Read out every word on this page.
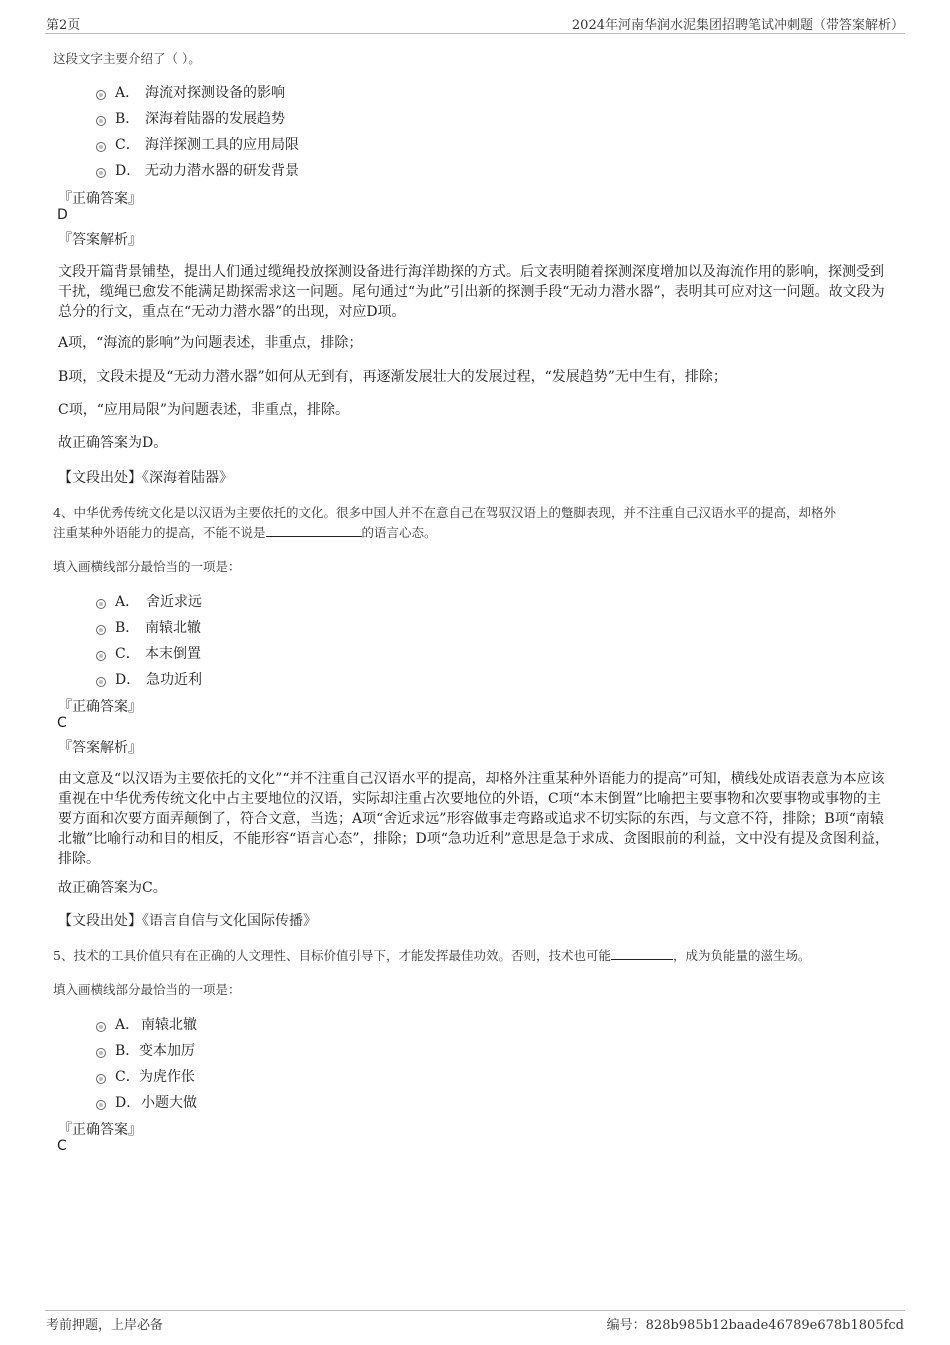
第2页	2024年河南华润水泥集团招聘笔试冲刺题（带答案解析）
这段文字主要介绍了（ ）。
A． 海流对探测设备的影响
B． 深海着陆器的发展趋势
C． 海洋探测工具的应用局限
D． 无动力潜水器的研发背景
『正确答案』
D
『答案解析』
文段开篇背景铺垫，提出人们通过缆绳投放探测设备进行海洋勘探的方式。后文表明随着探测深度增加以及海流作用的影响，探测受到干扰，缆绳已愈发不能满足勘探需求这一问题。尾句通过“为此”引出新的探测手段“无动力潜水器”，表明其可应对这一问题。故文段为总分的行文，重点在“无动力潜水器”的出现，对应D项。
A项，“海流的影响”为问题表述，非重点，排除；
B项，文段未提及“无动力潜水器”如何从无到有，再逐渐发展壮大的发展过程，“发展趋势”无中生有，排除；
C项，“应用局限”为问题表述，非重点，排除。
故正确答案为D。
【文段出处】《深海着陆器》
4、中华优秀传统文化是以汉语为主要依托的文化。很多中国人并不在意自己在驾驭汉语上的蹩脚表现，并不注重自己汉语水平的提高，却格外
注重某种外语能力的提高，不能不说是	的语言心态。
填入画横线部分最恰当的一项是：
A． 舍近求远
B． 南辕北辙
C． 本末倒置
D． 急功近利
『正确答案』
C
『答案解析』
由文意及“以汉语为主要依托的文化”“并不注重自己汉语水平的提高，却格外注重某种外语能力的提高”可知，横线处成语表意为本应该重视在中华优秀传统文化中占主要地位的汉语，实际却注重占次要地位的外语，C项“本末倒置”比喻把主要事物和次要事物或事物的主要方面和次要方面弄颠倒了，符合文意，当选；A项“舍近求远”形容做事走弯路或追求不切实际的东西，与文意不符，排除；B项“南辕北辙”比喻行动和目的相反，不能形容“语言心态”，排除；D项“急功近利”意思是急于求成、贪图眼前的利益，文中没有提及贪图利益，排除。
故正确答案为C。
【文段出处】《语言自信与文化国际传播》
5、技术的工具价值只有在正确的人文理性、目标价值引导下，才能发挥最佳功效。否则，技术也可能	，成为负能量的滋生场。
填入画横线部分最恰当的一项是：
A． 南辕北辙
B． 变本加厉
C． 为虎作伥
D． 小题大做
『正确答案』
C
考前押题，上岸必备	编号：828b985b12baade46789e678b1805fcd
